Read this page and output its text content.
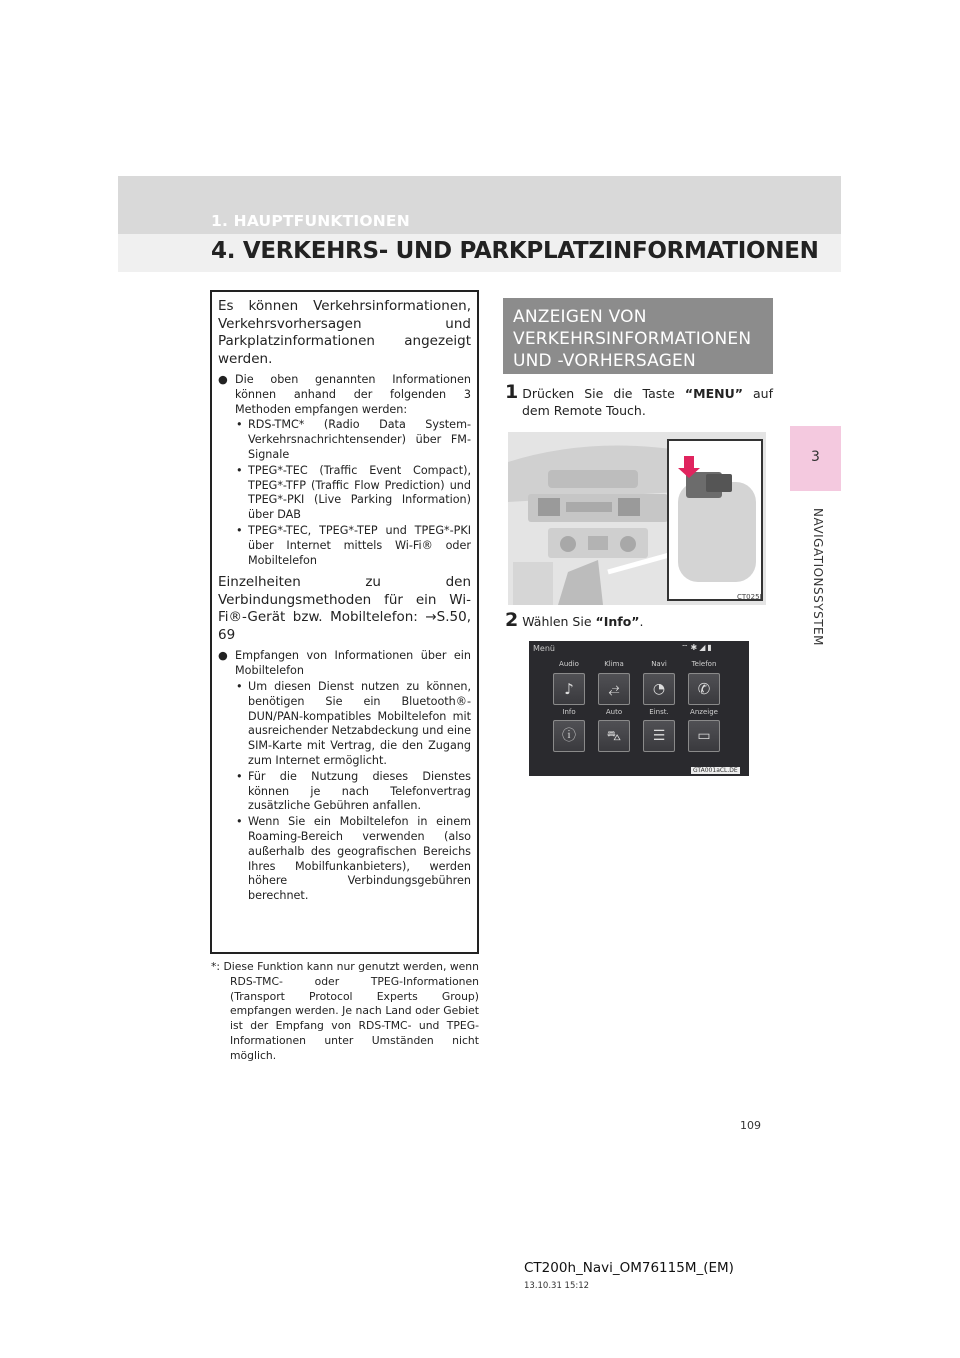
1. HAUPTFUNKTIONEN
4. VERKEHRS- UND PARKPLATZINFORMATIONEN
3
NAVIGATIONSSYSTEM
Es können Verkehrsinformationen, Verkehrsvorhersagen und Parkplatzinformationen angezeigt werden.
● Die oben genannten Informationen können anhand der folgenden 3 Methoden empfangen werden:
• RDS-TMC* (Radio Data System-Verkehrsnachrichtensender) über FM-Signale
• TPEG*-TEC (Traffic Event Compact), TPEG*-TFP (Traffic Flow Prediction) und TPEG*-PKI (Live Parking Information) über DAB
• TPEG*-TEC, TPEG*-TEP und TPEG*-PKI über Internet mittels Wi-Fi® oder Mobiltelefon
Einzelheiten zu den Verbindungsmethoden für ein Wi-Fi®-Gerät bzw. Mobiltelefon: →S.50, 69
● Empfangen von Informationen über ein Mobiltelefon
• Um diesen Dienst nutzen zu können, benötigen Sie ein Bluetooth®-DUN/PAN-kompatibles Mobiltelefon mit ausreichender Netzabdeckung und eine SIM-Karte mit Vertrag, die den Zugang zum Internet ermöglicht.
• Für die Nutzung dieses Dienstes können je nach Telefonvertrag zusätzliche Gebühren anfallen.
• Wenn Sie ein Mobiltelefon in einem Roaming-Bereich verwenden (also außerhalb des geografischen Bereichs Ihres Mobilfunkanbieters), werden höhere Verbindungsgebühren berechnet.
*: Diese Funktion kann nur genutzt werden, wenn RDS-TMC- oder TPEG-Informationen (Transport Protocol Experts Group) empfangen werden. Je nach Land oder Gebiet ist der Empfang von RDS-TMC- und TPEG-Informationen unter Umständen nicht möglich.
ANZEIGEN VON
VERKEHRSINFORMATIONEN
UND -VORHERSAGEN
1 Drücken Sie die Taste “MENU” auf dem Remote Touch.
CT025I
2 Wählen Sie “Info”.
Menü	⌔✱◢▮
Audio	Klima	Navi	Telefon
♪	⥄	◔	✆
Info	Auto	Einst.	Anzeige
ⓘ	⛍	☰	▭
GTA001aCL.DE
109
CT200h_Navi_OM76115M_(EM)
13.10.31 15:12
